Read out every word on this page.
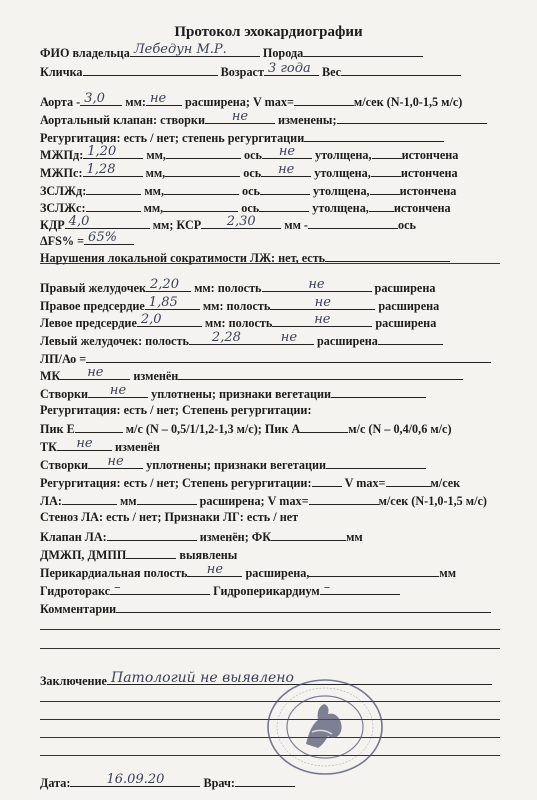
Протокол эхокардиографии
ФИО владельца Лебедун М.Р.	Порода
Кличка	Возраст 3 года Вес
Аорта - 3,0 мм: не расширена; V max=	м/сек (N-1,0-1,5 м/с)
Аортальный клапан: створки	не	изменены;
Регургитация: есть / нет; степень регургитации
МЖПд: 1,20 мм,	ось	не	утолщена, истончена
МЖПс: 1,28 мм,	ось	не	утолщена, истончена
ЗСЛЖд:	мм,	ось	утолщена, истончена
ЗСЛЖс:	мм,	ось	утолщена, истончена
КДР 4,0	мм; КСР	2,30	мм -	ось
ΔFS% = 65%
Нарушения локальной сократимости ЛЖ: нет, есть
Правый желудочек 2,20 мм: полость	не	расширена
Правое предсердие 1,85 мм: полость	не	расширена
Левое предсердие 2,0	мм: полость	не	расширена
Левый желудочек: полость	2,28	не	расширена
ЛП/Ао =
МК	не	изменён
Створки	не	уплотнены; признаки вегетации
Регургитация: есть / нет; Степень регургитации:
Пик Е	м/с (N – 0,5/1/1,2-1,3 м/с); Пик А	м/с (N – 0,4/0,6 м/с)
ТК	не	изменён
Створки	не	уплотнены; признаки вегетации
Регургитация: есть / нет; Степень регургитации:	V max=	м/сек
ЛА:	мм	расширена; V max=	м/сек (N-1,0-1,5 м/с)
Стеноз ЛА: есть / нет; Признаки ЛГ: есть / нет
Клапан ЛА:	изменён; ФК	мм
ДМЖП, ДМПП	выявлены
Перикардиальная полость	не	расширена,	мм
Гидроторакс –	Гидроперикардиум –
Комментарии
Заключение Патологий не выявлено
Дата:	16.09.20	Врач:
